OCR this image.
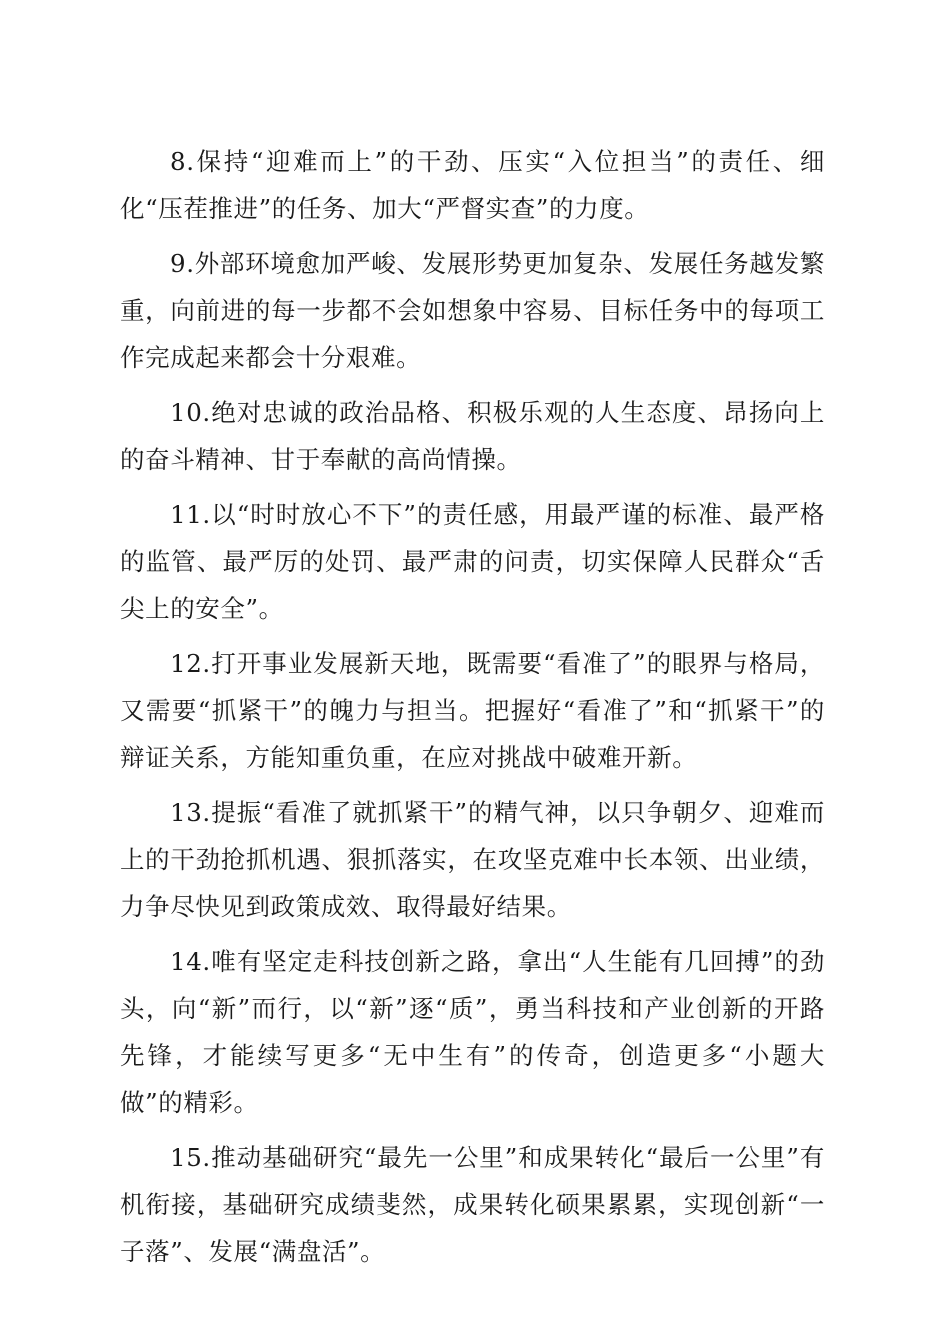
8.保持“迎难而上”的干劲、压实“入位担当”的责任、细化“压茬推进”的任务、加大“严督实查”的力度。

9.外部环境愈加严峻、发展形势更加复杂、发展任务越发繁重，向前进的每一步都不会如想象中容易、目标任务中的每项工作完成起来都会十分艰难。

10.绝对忠诚的政治品格、积极乐观的人生态度、昂扬向上的奋斗精神、甘于奉献的高尚情操。

11.以“时时放心不下”的责任感，用最严谨的标准、最严格的监管、最严厉的处罚、最严肃的问责，切实保障人民群众“舌尖上的安全”。

12.打开事业发展新天地，既需要“看准了”的眼界与格局，又需要“抓紧干”的魄力与担当。把握好“看准了”和“抓紧干”的辩证关系，方能知重负重，在应对挑战中破难开新。

13.提振“看准了就抓紧干”的精气神，以只争朝夕、迎难而上的干劲抢抓机遇、狠抓落实，在攻坚克难中长本领、出业绩，力争尽快见到政策成效、取得最好结果。

14.唯有坚定走科技创新之路，拿出“人生能有几回搏”的劲头，向“新”而行，以“新”逐“质”，勇当科技和产业创新的开路先锋，才能续写更多“无中生有”的传奇，创造更多“小题大做”的精彩。

15.推动基础研究“最先一公里”和成果转化“最后一公里”有机衔接，基础研究成绩斐然，成果转化硕果累累，实现创新“一子落”、发展“满盘活”。
